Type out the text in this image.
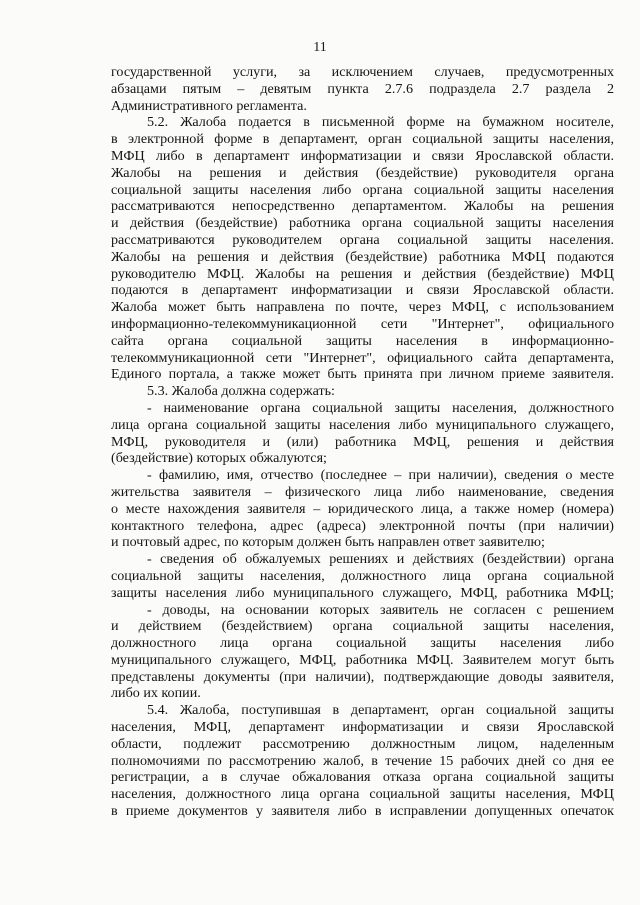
11
государственной услуги, за исключением случаев, предусмотренных
абзацами пятым – девятым пункта 2.7.6 подраздела 2.7 раздела 2
Административного регламента.
5.2. Жалоба подается в письменной форме на бумажном носителе,
в электронной форме в департамент, орган социальной защиты населения,
МФЦ либо в департамент информатизации и связи Ярославской области.
Жалобы на решения и действия (бездействие) руководителя органа
социальной защиты населения либо органа социальной защиты населения
рассматриваются непосредственно департаментом. Жалобы на решения
и действия (бездействие) работника органа социальной защиты населения
рассматриваются руководителем органа социальной защиты населения.
Жалобы на решения и действия (бездействие) работника МФЦ подаются
руководителю МФЦ. Жалобы на решения и действия (бездействие) МФЦ
подаются в департамент информатизации и связи Ярославской области.
Жалоба может быть направлена по почте, через МФЦ, с использованием
информационно-телекоммуникационной сети "Интернет", официального
сайта органа социальной защиты населения в информационно-
телекоммуникационной сети "Интернет", официального сайта департамента,
Единого портала, а также может быть принята при личном приеме заявителя.
5.3. Жалоба должна содержать:
- наименование органа социальной защиты населения, должностного
лица органа социальной защиты населения либо муниципального служащего,
МФЦ, руководителя и (или) работника МФЦ, решения и действия
(бездействие) которых обжалуются;
- фамилию, имя, отчество (последнее – при наличии), сведения о месте
жительства заявителя – физического лица либо наименование, сведения
о месте нахождения заявителя – юридического лица, а также номер (номера)
контактного телефона, адрес (адреса) электронной почты (при наличии)
и почтовый адрес, по которым должен быть направлен ответ заявителю;
- сведения об обжалуемых решениях и действиях (бездействии) органа
социальной защиты населения, должностного лица органа социальной
защиты населения либо муниципального служащего, МФЦ, работника МФЦ;
- доводы, на основании которых заявитель не согласен с решением
и действием (бездействием) органа социальной защиты населения,
должностного лица органа социальной защиты населения либо
муниципального служащего, МФЦ, работника МФЦ. Заявителем могут быть
представлены документы (при наличии), подтверждающие доводы заявителя,
либо их копии.
5.4. Жалоба, поступившая в департамент, орган социальной защиты
населения, МФЦ, департамент информатизации и связи Ярославской
области, подлежит рассмотрению должностным лицом, наделенным
полномочиями по рассмотрению жалоб, в течение 15 рабочих дней со дня ее
регистрации, а в случае обжалования отказа органа социальной защиты
населения, должностного лица органа социальной защиты населения, МФЦ
в приеме документов у заявителя либо в исправлении допущенных опечаток
